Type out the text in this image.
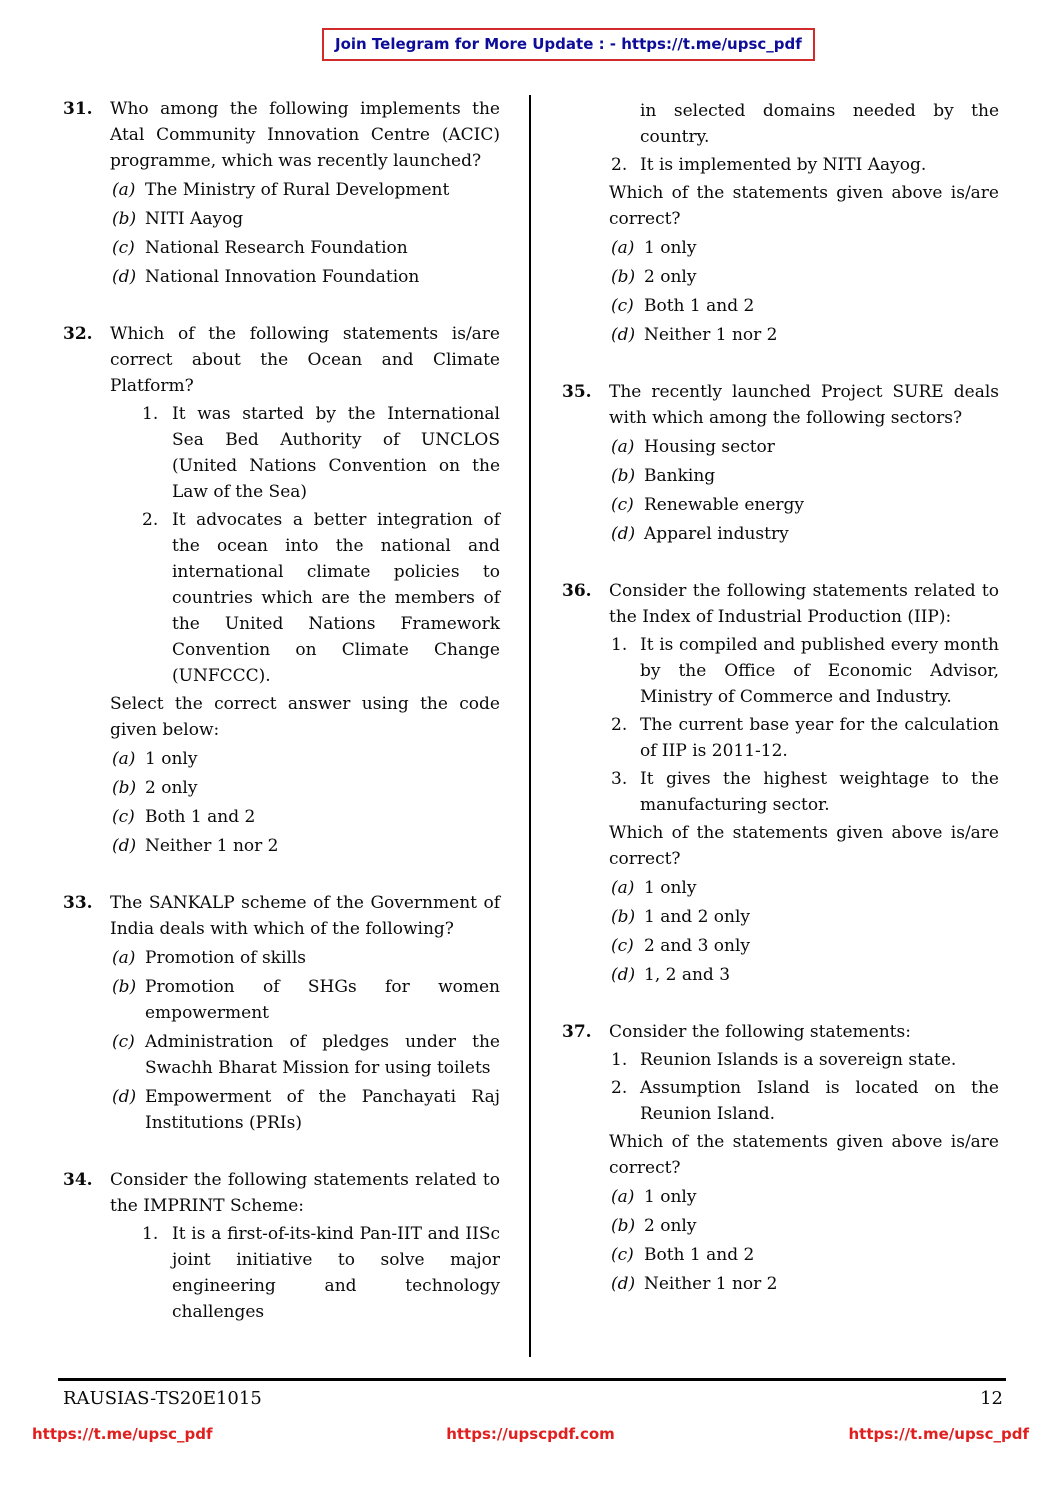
Join Telegram for More Update : - https://t.me/upsc_pdf
31.	Who among the following implements the Atal Community Innovation Centre (ACIC) programme, which was recently launched?
(a) The Ministry of Rural Development
(b) NITI Aayog
(c) National Research Foundation
(d) National Innovation Foundation
32.	Which of the following statements is/are correct about the Ocean and Climate Platform?
1. It was started by the International Sea Bed Authority of UNCLOS (United Nations Convention on the Law of the Sea)
2. It advocates a better integration of the ocean into the national and international climate policies to countries which are the members of the United Nations Framework Convention on Climate Change (UNFCCC).
Select the correct answer using the code given below:
(a) 1 only
(b) 2 only
(c) Both 1 and 2
(d) Neither 1 nor 2
33.	The SANKALP scheme of the Government of India deals with which of the following?
(a) Promotion of skills
(b) Promotion of SHGs for women empowerment
(c) Administration of pledges under the Swachh Bharat Mission for using toilets
(d) Empowerment of the Panchayati Raj Institutions (PRIs)
34.	Consider the following statements related to the IMPRINT Scheme:
1. It is a first-of-its-kind Pan-IIT and IISc joint initiative to solve major engineering and technology challenges
in selected domains needed by the country.
2. It is implemented by NITI Aayog.
Which of the statements given above is/are correct?
(a) 1 only
(b) 2 only
(c) Both 1 and 2
(d) Neither 1 nor 2
35.	The recently launched Project SURE deals with which among the following sectors?
(a) Housing sector
(b) Banking
(c) Renewable energy
(d) Apparel industry
36.	Consider the following statements related to the Index of Industrial Production (IIP):
1. It is compiled and published every month by the Office of Economic Advisor, Ministry of Commerce and Industry.
2. The current base year for the calculation of IIP is 2011-12.
3. It gives the highest weightage to the manufacturing sector.
Which of the statements given above is/are correct?
(a) 1 only
(b) 1 and 2 only
(c) 2 and 3 only
(d) 1, 2 and 3
37.	Consider the following statements:
1. Reunion Islands is a sovereign state.
2. Assumption Island is located on the Reunion Island.
Which of the statements given above is/are correct?
(a) 1 only
(b) 2 only
(c) Both 1 and 2
(d) Neither 1 nor 2
RAUSIAS-TS20E1015	12
https://t.me/upsc_pdf	https://upscpdf.com	https://t.me/upsc_pdf
